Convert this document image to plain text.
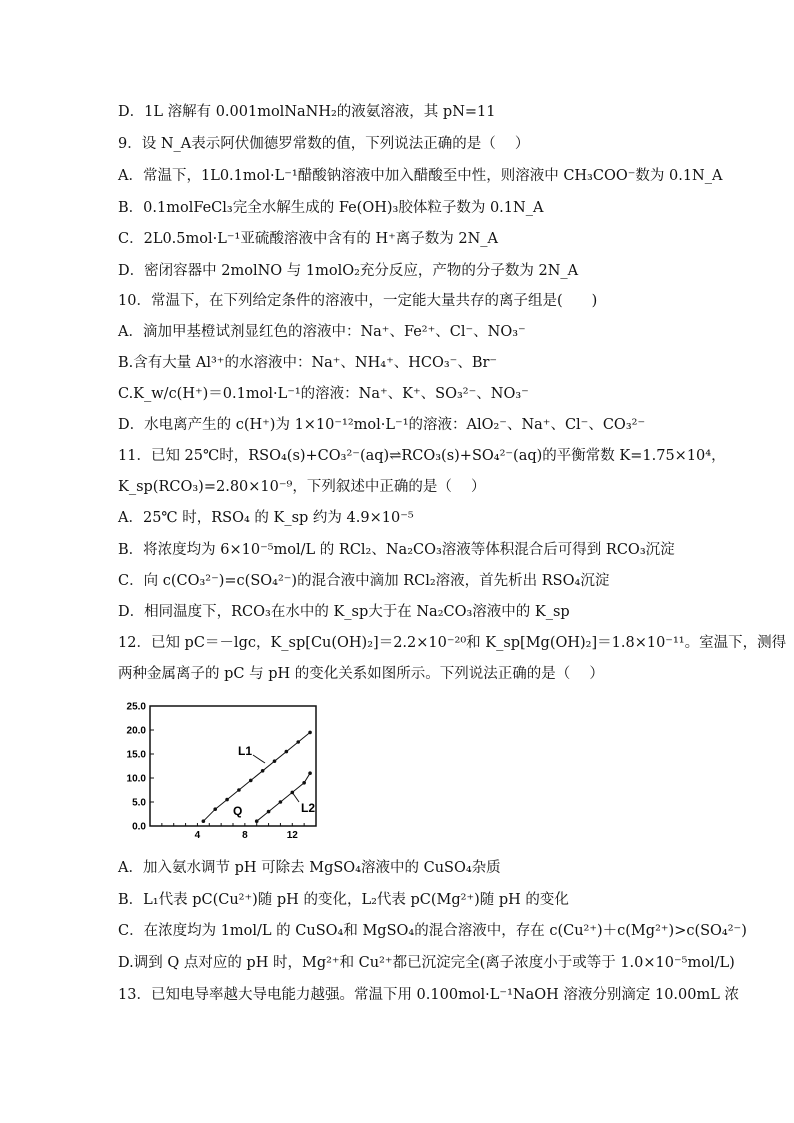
D．1L 溶解有 0.001molNaNH₂的液氨溶液，其 pN=11
9．设 N_A表示阿伏伽德罗常数的值，下列说法正确的是（　 ）
A．常温下，1L0.1mol·L⁻¹醋酸钠溶液中加入醋酸至中性，则溶液中 CH₃COO⁻数为 0.1N_A
B．0.1molFeCl₃完全水解生成的 Fe(OH)₃胶体粒子数为 0.1N_A
C．2L0.5mol·L⁻¹亚硫酸溶液中含有的 H⁺离子数为 2N_A
D．密闭容器中 2molNO 与 1molO₂充分反应，产物的分子数为 2N_A
10．常温下，在下列给定条件的溶液中，一定能大量共存的离子组是(　　)
A．滴加甲基橙试剂显红色的溶液中：Na⁺、Fe²⁺、Cl⁻、NO₃⁻
B.含有大量 Al³⁺的水溶液中：Na⁺、NH₄⁺、HCO₃⁻、Br⁻
C.K_w/c(H⁺)＝0.1mol·L⁻¹的溶液：Na⁺、K⁺、SO₃²⁻、NO₃⁻
D．水电离产生的 c(H⁺)为 1×10⁻¹²mol·L⁻¹的溶液：AlO₂⁻、Na⁺、Cl⁻、CO₃²⁻
11．已知 25℃时，RSO₄(s)+CO₃²⁻(aq)⇌RCO₃(s)+SO₄²⁻(aq)的平衡常数 K=1.75×10⁴，
K_sp(RCO₃)=2.80×10⁻⁹，下列叙述中正确的是（　 ）
A．25℃ 时，RSO₄ 的 K_sp 约为 4.9×10⁻⁵
B．将浓度均为 6×10⁻⁵mol/L 的 RCl₂、Na₂CO₃溶液等体积混合后可得到 RCO₃沉淀
C．向 c(CO₃²⁻)=c(SO₄²⁻)的混合液中滴加 RCl₂溶液，首先析出 RSO₄沉淀
D．相同温度下，RCO₃在水中的 K_sp大于在 Na₂CO₃溶液中的 K_sp
12．已知 pC＝－lgc，K_sp[Cu(OH)₂]＝2.2×10⁻²⁰和 K_sp[Mg(OH)₂]＝1.8×10⁻¹¹。室温下，测得
两种金属离子的 pC 与 pH 的变化关系如图所示。下列说法正确的是（　 ）
A．加入氨水调节 pH 可除去 MgSO₄溶液中的 CuSO₄杂质
B．L₁代表 pC(Cu²⁺)随 pH 的变化，L₂代表 pC(Mg²⁺)随 pH 的变化
C．在浓度均为 1mol/L 的 CuSO₄和 MgSO₄的混合溶液中，存在 c(Cu²⁺)＋c(Mg²⁺)>c(SO₄²⁻)
D.调到 Q 点对应的 pH 时，Mg²⁺和 Cu²⁺都已沉淀完全(离子浓度小于或等于 1.0×10⁻⁵mol/L)
13．已知电导率越大导电能力越强。常温下用 0.100mol·L⁻¹NaOH 溶液分别滴定 10.00mL 浓
25.0
20.0
15.0
10.0
5.0
0.0
4	8	12
L1
L2
Q
